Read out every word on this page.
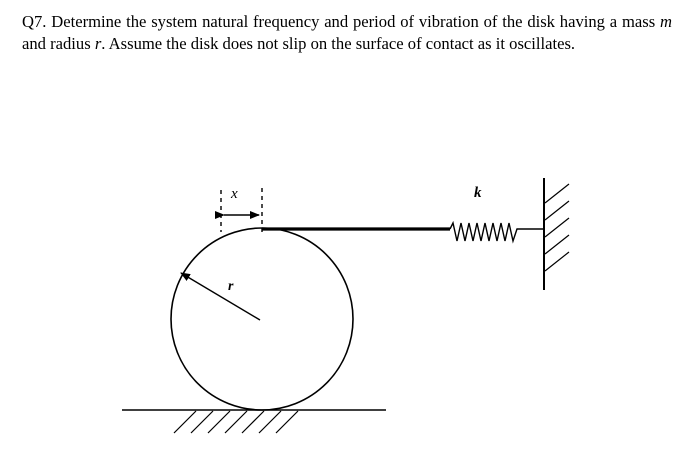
Q7. Determine the system natural frequency and period of vibration of the disk having a mass m and radius r. Assume the disk does not slip on the surface of contact as it oscillates.

r
x	k
